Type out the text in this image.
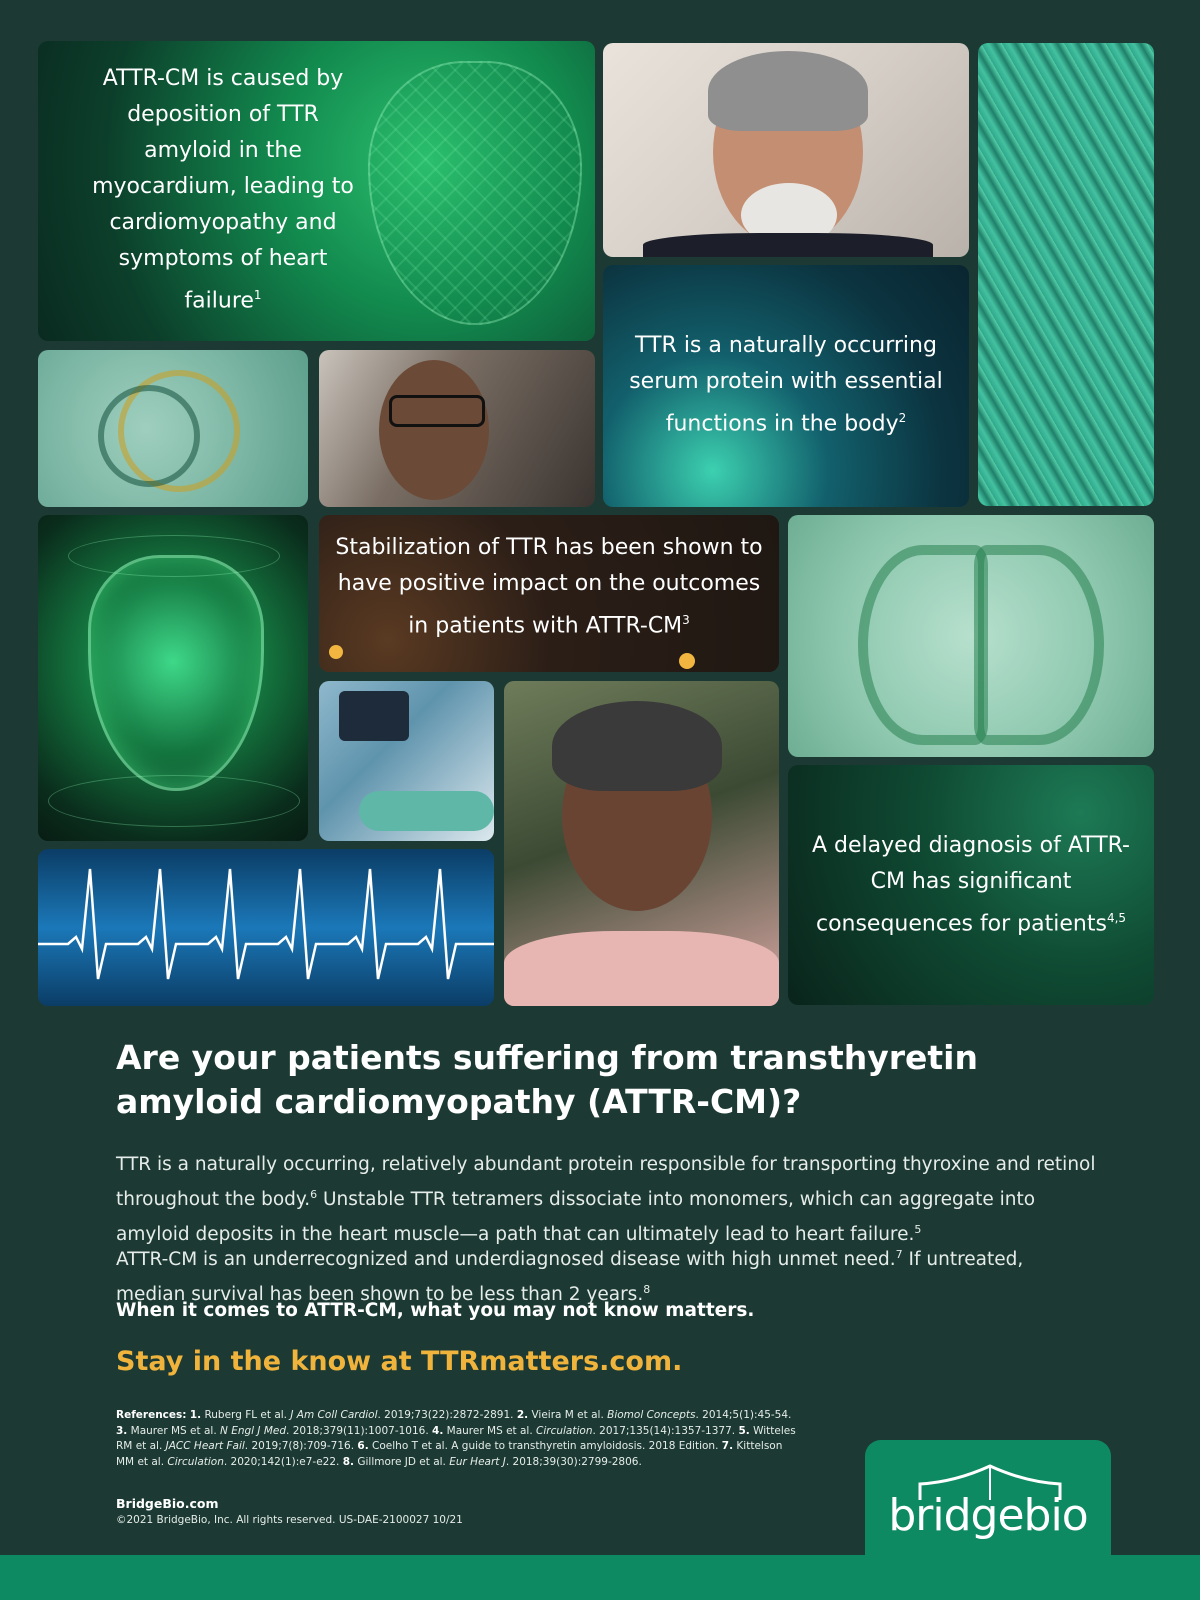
ATTR-CM is caused by deposition of TTR amyloid in the myocardium, leading to cardiomyopathy and symptoms of heart failure$^1$
TTR is a naturally occurring serum protein with essential functions in the body$^2$
Stabilization of TTR has been shown to have positive impact on the outcomes in patients with ATTR-$CM^3$
A delayed diagnosis of ATTR-CM has significant consequences for patients$^{4,5}$
Are your patients suffering from transthyretin amyloid cardiomyopathy (ATTR-CM)?
TTR is a naturally occurring, relatively abundant protein responsible for transporting thyroxine and retinol throughout the body.$^6$ Unstable TTR tetramers dissociate into monomers, which can aggregate into amyloid deposits in the heart muscle—a path that can ultimately lead to heart failure.$^5$
ATTR-CM is an underrecognized and underdiagnosed disease with high unmet need.$^7$ If untreated, median survival has been shown to be less than 2 years.$^8$
When it comes to ATTR-CM, what you may not know matters.
Stay in the know at TTRmatters.com.
References: 1. Ruberg FL et al. J Am Coll Cardiol. 2019;73(22):2872-2891. 2. Vieira M et al. Biomol Concepts. 2014;5(1):45-54. 3. Maurer MS et al. N Engl J Med. 2018;379(11):1007-1016. 4. Maurer MS et al. Circulation. 2017;135(14):1357-1377. 5. Witteles RM et al. JACC Heart Fail. 2019;7(8):709-716. 6. Coelho T et al. A guide to transthyretin amyloidosis. 2018 Edition. 7. Kittelson MM et al. Circulation. 2020;142(1):e7-e22. 8. Gillmore JD et al. Eur Heart J. 2018;39(30):2799-2806.
BridgeBio.com
©2021 BridgeBio, Inc. All rights reserved. US-DAE-2100027 10/21	bridgebio
